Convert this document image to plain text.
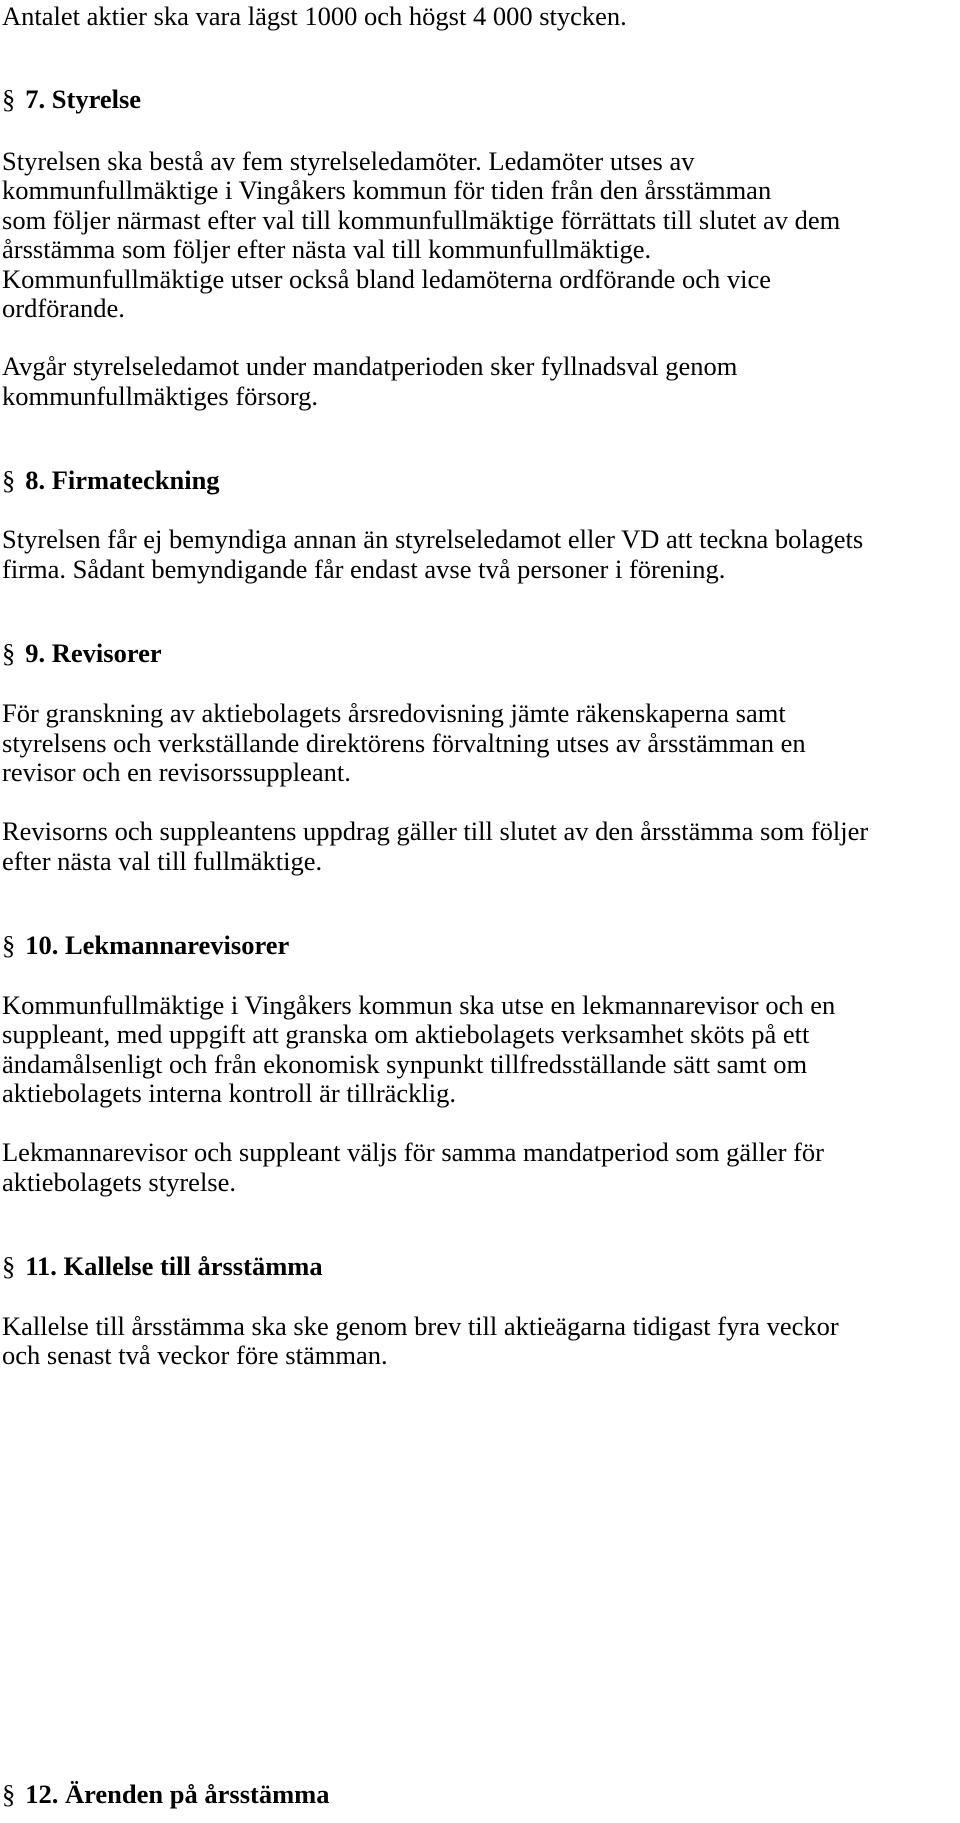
Antalet aktier ska vara lägst 1000 och högst 4 000 stycken.
§ 7. Styrelse
Styrelsen ska bestå av fem styrelseledamöter. Ledamöter utses av
kommunfullmäktige i Vingåkers kommun för tiden från den årsstämman
som följer närmast efter val till kommunfullmäktige förrättats till slutet av dem
årsstämma som följer efter nästa val till kommunfullmäktige.
Kommunfullmäktige utser också bland ledamöterna ordförande och vice
ordförande.
Avgår styrelseledamot under mandatperioden sker fyllnadsval genom
kommunfullmäktiges försorg.
§ 8. Firmateckning
Styrelsen får ej bemyndiga annan än styrelseledamot eller VD att teckna bolagets
firma. Sådant bemyndigande får endast avse två personer i förening.
§ 9. Revisorer
För granskning av aktiebolagets årsredovisning jämte räkenskaperna samt
styrelsens och verkställande direktörens förvaltning utses av årsstämman en
revisor och en revisorssuppleant.
Revisorns och suppleantens uppdrag gäller till slutet av den årsstämma som följer
efter nästa val till fullmäktige.
§ 10. Lekmannarevisorer
Kommunfullmäktige i Vingåkers kommun ska utse en lekmannarevisor och en
suppleant, med uppgift att granska om aktiebolagets verksamhet sköts på ett
ändamålsenligt och från ekonomisk synpunkt tillfredsställande sätt samt om
aktiebolagets interna kontroll är tillräcklig.
Lekmannarevisor och suppleant väljs för samma mandatperiod som gäller för
aktiebolagets styrelse.
§ 11. Kallelse till årsstämma
Kallelse till årsstämma ska ske genom brev till aktieägarna tidigast fyra veckor
och senast två veckor före stämman.
§ 12. Ärenden på årsstämma
